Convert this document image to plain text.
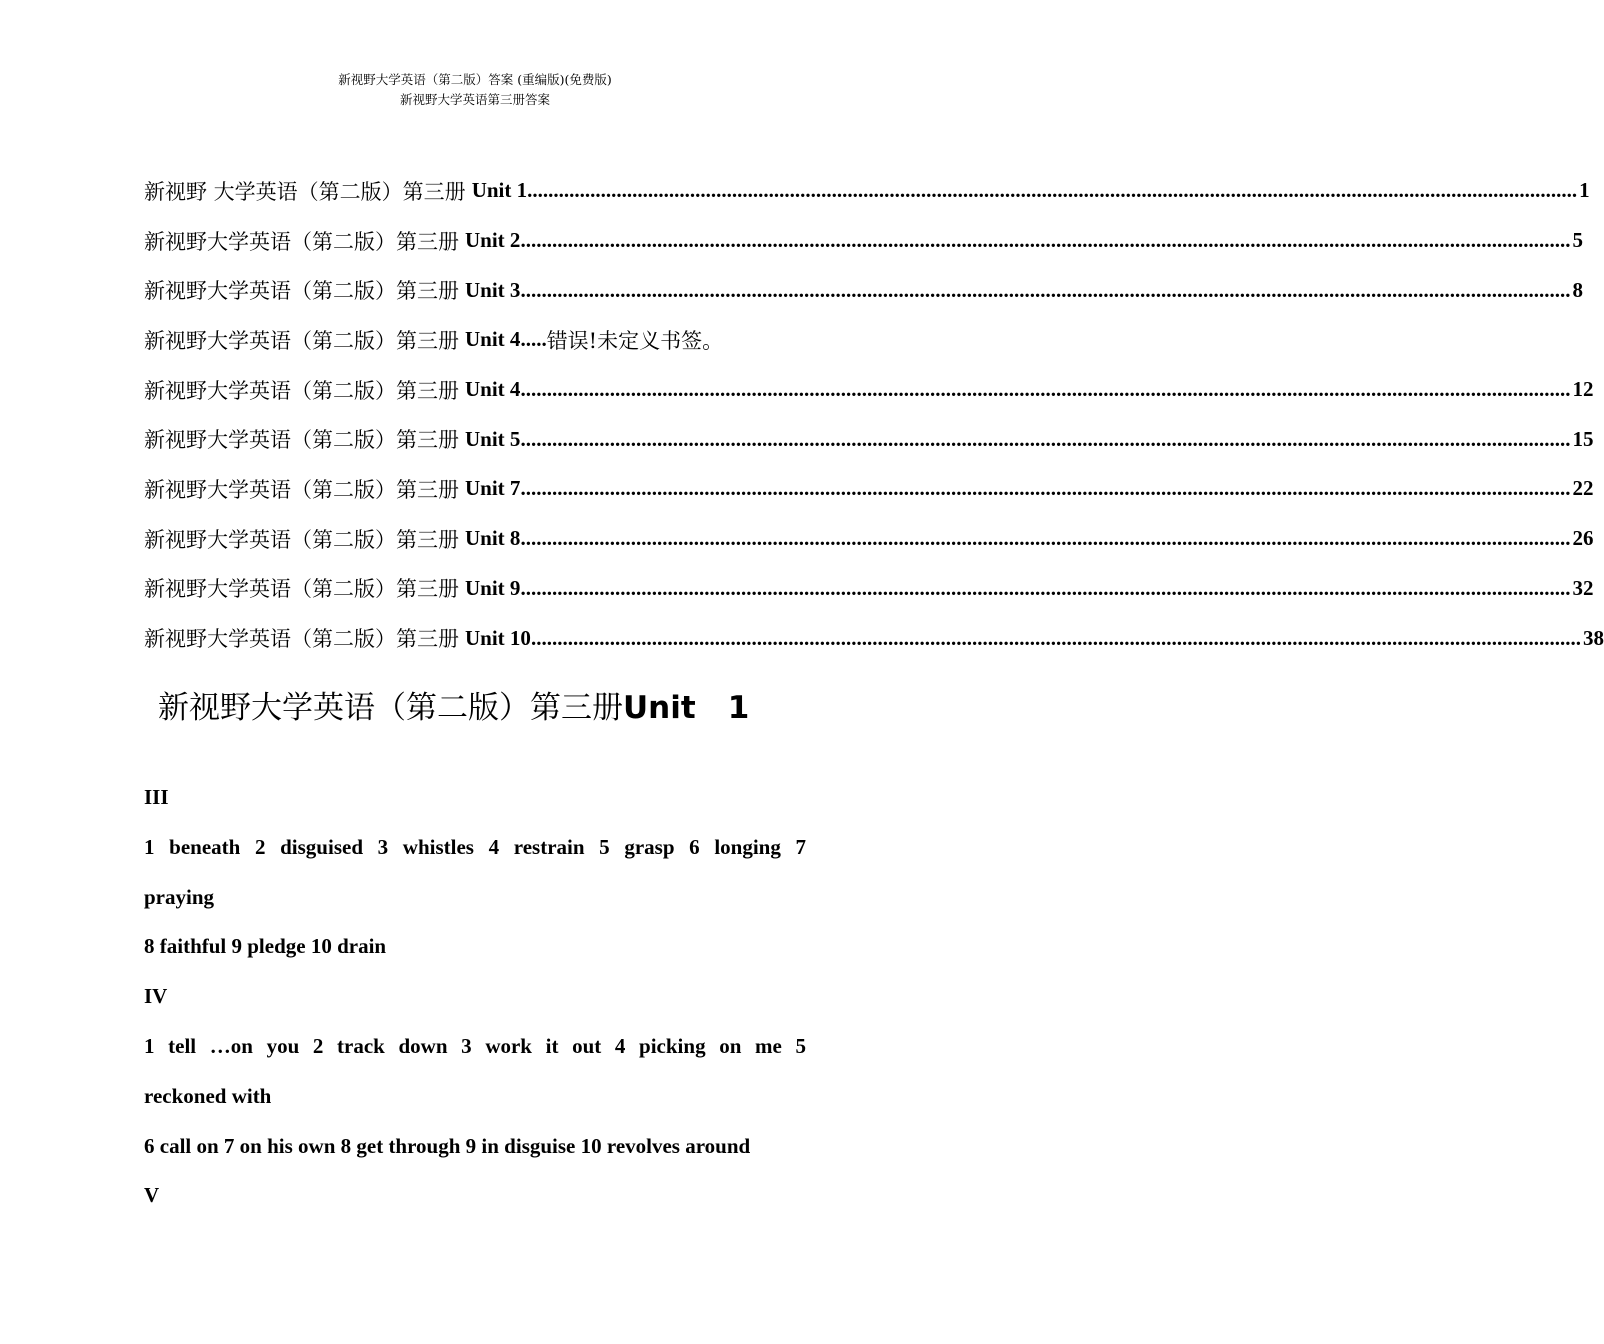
新视野大学英语（第二版）答案 (重编版)(免费版)
新视野大学英语第三册答案
新视野 大学英语（第二版）第三册 Unit 1 ........................................................................................................................................................................................................ 1
新视野大学英语（第二版）第三册 Unit 2 ........................................................................................................................................................................................................ 5
新视野大学英语（第二版）第三册 Unit 3 ........................................................................................................................................................................................................ 8
新视野大学英语（第二版）第三册 Unit 4 ..... 错误!未定义书签。
新视野大学英语（第二版）第三册 Unit 4 ........................................................................................................................................................................................................ 12
新视野大学英语（第二版）第三册 Unit 5 ........................................................................................................................................................................................................ 15
新视野大学英语（第二版）第三册 Unit 7 ........................................................................................................................................................................................................ 22
新视野大学英语（第二版）第三册 Unit 8 ........................................................................................................................................................................................................ 26
新视野大学英语（第二版）第三册 Unit 9 ........................................................................................................................................................................................................ 32
新视野大学英语（第二版）第三册 Unit 10 ........................................................................................................................................................................................................ 38
新视野大学英语（第二版）第三册Unit 1
III
1 beneath 2 disguised 3 whistles 4 restrain 5 grasp 6 longing 7
praying
8 faithful 9 pledge 10 drain
IV
1 tell …on you 2 track down 3 work it out 4 picking on me 5
reckoned with
6 call on 7 on his own 8 get through 9 in disguise 10 revolves around
V
